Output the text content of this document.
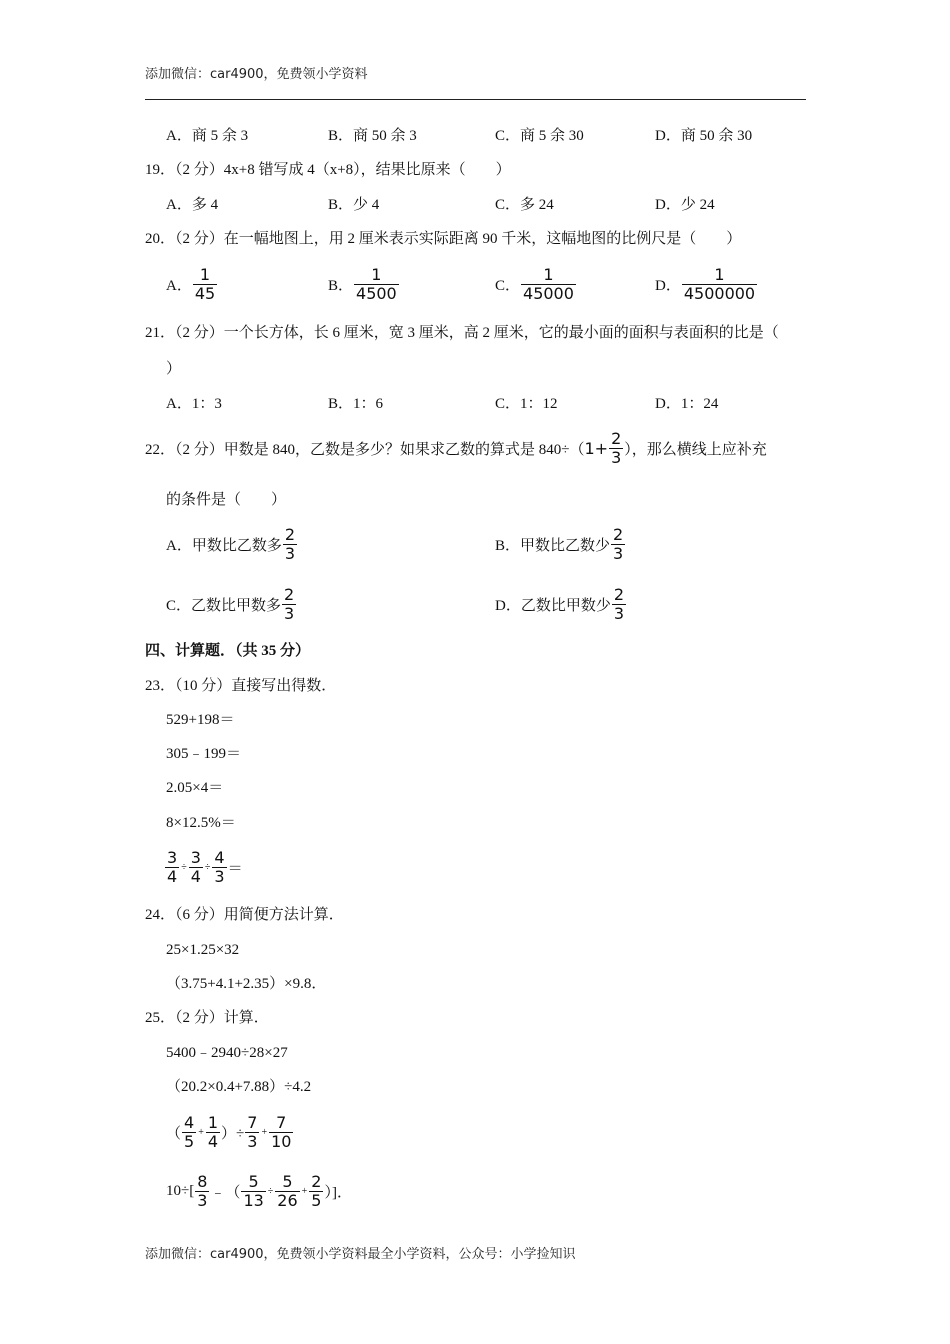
添加微信：car4900，免费领小学资料
A．商 5 余 3	B．商 50 余 3	C．商 5 余 30	D．商 50 余 30
19．（2 分）4x+8 错写成 4（x+8），结果比原来（　　）
A．多 4	B．少 4	C．多 24	D．少 24
20．（2 分）在一幅地图上，用 2 厘米表示实际距离 90 千米，这幅地图的比例尺是（　　）
A． $\frac{1}{45}$	B． $\frac{1}{4500}$	C． $\frac{1}{45000}$	D． $\frac{1}{4500000}$
21．（2 分）一个长方体，长 6 厘米，宽 3 厘米，高 2 厘米，它的最小面的面积与表面积的比是（
）
A．1：3	B．1：6	C．1：12	D．1：24
22．（2 分）甲数是 840，乙数是多少？如果求乙数的算式是 840÷（ $1+ \frac{2}{3}$ ），那么横线上应补充
的条件是（　　）
A．甲数比乙数多 $\frac{2}{3}$	B．甲数比乙数少 $\frac{2}{3}$
C．乙数比甲数多 $\frac{2}{3}$	D．乙数比甲数少 $\frac{2}{3}$
四、计算题．（共 35 分）
23．（10 分）直接写出得数．
529+198＝
305﹣199＝
2.05×4＝
8×12.5%＝
$\frac{3}{4} \div \frac{3}{4} \div \frac{4}{3}$ ＝
24．（6 分）用简便方法计算．
25×1.25×32
（3.75+4.1+2.35）×9.8．
25．（2 分）计算．
5400﹣2940÷28×27
（20.2×0.4+7.88）÷4.2
（ $\frac{4}{5} + \frac{1}{4}$ ）÷ $\frac{7}{3} + \frac{7}{10}$
$10\div[ \frac{8}{3}$ ﹣（ $\frac{5}{13} \div \frac{5}{26} + \frac{2}{5}$ ）]．
添加微信：car4900，免费领小学资料最全小学资料，公众号：小学捡知识
